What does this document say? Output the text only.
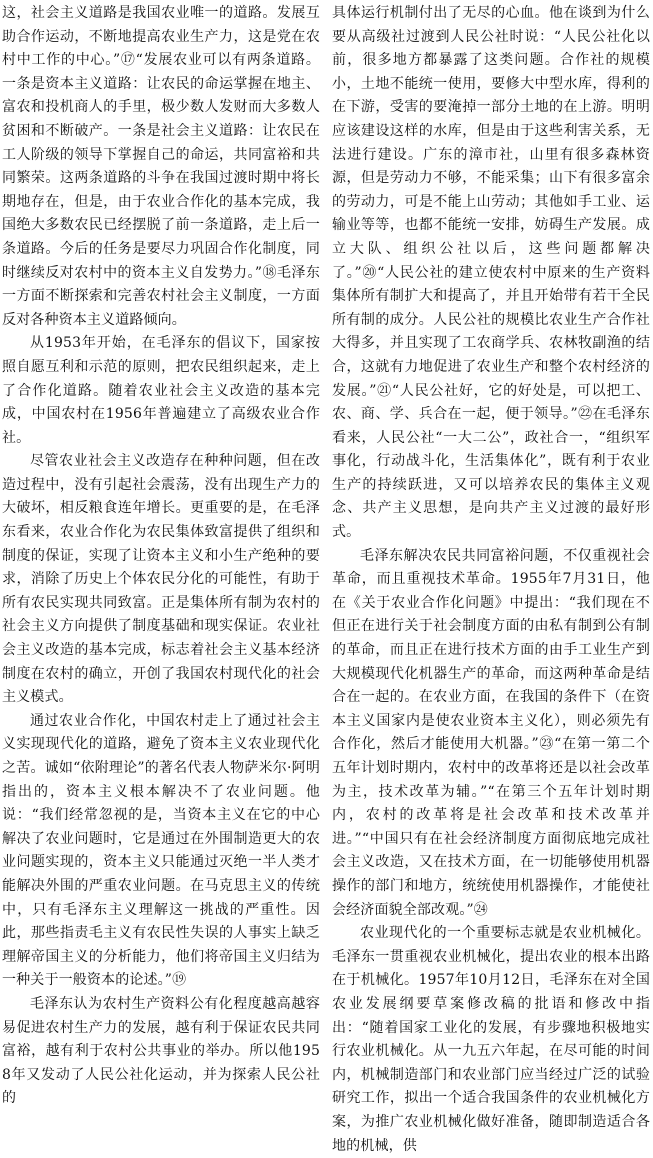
这，社会主义道路是我国农业唯一的道路。发展互助合作运动，不断地提高农业生产力，这是党在农村中工作的中心。”⑰“发展农业可以有两条道路。一条是资本主义道路：让农民的命运掌握在地主、富农和投机商人的手里，极少数人发财而大多数人贫困和不断破产。一条是社会主义道路：让农民在工人阶级的领导下掌握自己的命运，共同富裕和共同繁荣。这两条道路的斗争在我国过渡时期中将长期地存在，但是，由于农业合作化的基本完成，我国绝大多数农民已经摆脱了前一条道路，走上后一条道路。今后的任务是要尽力巩固合作化制度，同时继续反对农村中的资本主义自发势力。”⑱毛泽东一方面不断探索和完善农村社会主义制度，一方面反对各种资本主义道路倾向。

从1953年开始，在毛泽东的倡议下，国家按照自愿互利和示范的原则，把农民组织起来，走上了合作化道路。随着农业社会主义改造的基本完成，中国农村在1956年普遍建立了高级农业合作社。

尽管农业社会主义改造存在种种问题，但在改造过程中，没有引起社会震荡，没有出现生产力的大破坏，相反粮食连年增长。更重要的是，在毛泽东看来，农业合作化为农民集体致富提供了组织和制度的保证，实现了让资本主义和小生产绝种的要求，消除了历史上个体农民分化的可能性，有助于所有农民实现共同致富。正是集体所有制为农村的社会主义方向提供了制度基础和现实保证。农业社会主义改造的基本完成，标志着社会主义基本经济制度在农村的确立，开创了我国农村现代化的社会主义模式。

通过农业合作化，中国农村走上了通过社会主义实现现代化的道路，避免了资本主义农业现代化之苦。诚如“依附理论”的著名代表人物萨米尔·阿明指出的，资本主义根本解决不了农业问题。他说：“我们经常忽视的是，当资本主义在它的中心解决了农业问题时，它是通过在外围制造更大的农业问题实现的，资本主义只能通过灭绝一半人类才能解决外围的严重农业问题。在马克思主义的传统中，只有毛泽东主义理解这一挑战的严重性。因此，那些指责毛主义有农民性失误的人事实上缺乏理解帝国主义的分析能力，他们将帝国主义归结为一种关于一般资本的论述。”⑲

毛泽东认为农村生产资料公有化程度越高越容易促进农村生产力的发展，越有利于保证农民共同富裕，越有利于农村公共事业的举办。所以他1958年又发动了人民公社化运动，并为探索人民公社的

具体运行机制付出了无尽的心血。他在谈到为什么要从高级社过渡到人民公社时说：“人民公社化以前，很多地方都暴露了这类问题。合作社的规模小，土地不能统一使用，要修大中型水库，得利的在下游，受害的要淹掉一部分土地的在上游。明明应该建设这样的水库，但是由于这些利害关系，无法进行建设。广东的漳市社，山里有很多森林资源，但是劳动力不够，不能采集；山下有很多富余的劳动力，可是不能上山劳动；其他如手工业、运输业等等，也都不能统一安排，妨碍生产发展。成立大队、组织公社以后，这些问题都解决了。”⑳“人民公社的建立使农村中原来的生产资料集体所有制扩大和提高了，并且开始带有若干全民所有制的成分。人民公社的规模比农业生产合作社大得多，并且实现了工农商学兵、农林牧副渔的结合，这就有力地促进了农业生产和整个农村经济的发展。”㉑“人民公社好，它的好处是，可以把工、农、商、学、兵合在一起，便于领导。”㉒在毛泽东看来，人民公社“一大二公”，政社合一，“组织军事化，行动战斗化，生活集体化”，既有利于农业生产的持续跃进，又可以培养农民的集体主义观念、共产主义思想，是向共产主义过渡的最好形式。

毛泽东解决农民共同富裕问题，不仅重视社会革命，而且重视技术革命。1955年7月31日，他在《关于农业合作化问题》中提出：“我们现在不但正在进行关于社会制度方面的由私有制到公有制的革命，而且正在进行技术方面的由手工业生产到大规模现代化机器生产的革命，而这两种革命是结合在一起的。在农业方面，在我国的条件下（在资本主义国家内是使农业资本主义化），则必须先有合作化，然后才能使用大机器。”㉓“在第一第二个五年计划时期内，农村中的改革将还是以社会改革为主，技术改革为辅。”“在第三个五年计划时期内，农村的改革将是社会改革和技术改革并进。”“中国只有在社会经济制度方面彻底地完成社会主义改造，又在技术方面，在一切能够使用机器操作的部门和地方，统统使用机器操作，才能使社会经济面貌全部改观。”㉔

农业现代化的一个重要标志就是农业机械化。毛泽东一贯重视农业机械化，提出农业的根本出路在于机械化。1957年10月12日，毛泽东在对全国农业发展纲要草案修改稿的批语和修改中指出：“随着国家工业化的发展，有步骤地积极地实行农业机械化。从一九五六年起，在尽可能的时间内，机械制造部门和农业部门应当经过广泛的试验研究工作，拟出一个适合我国条件的农业机械化方案，为推广农业机械化做好准备，随即制造适合各地的机械，供
